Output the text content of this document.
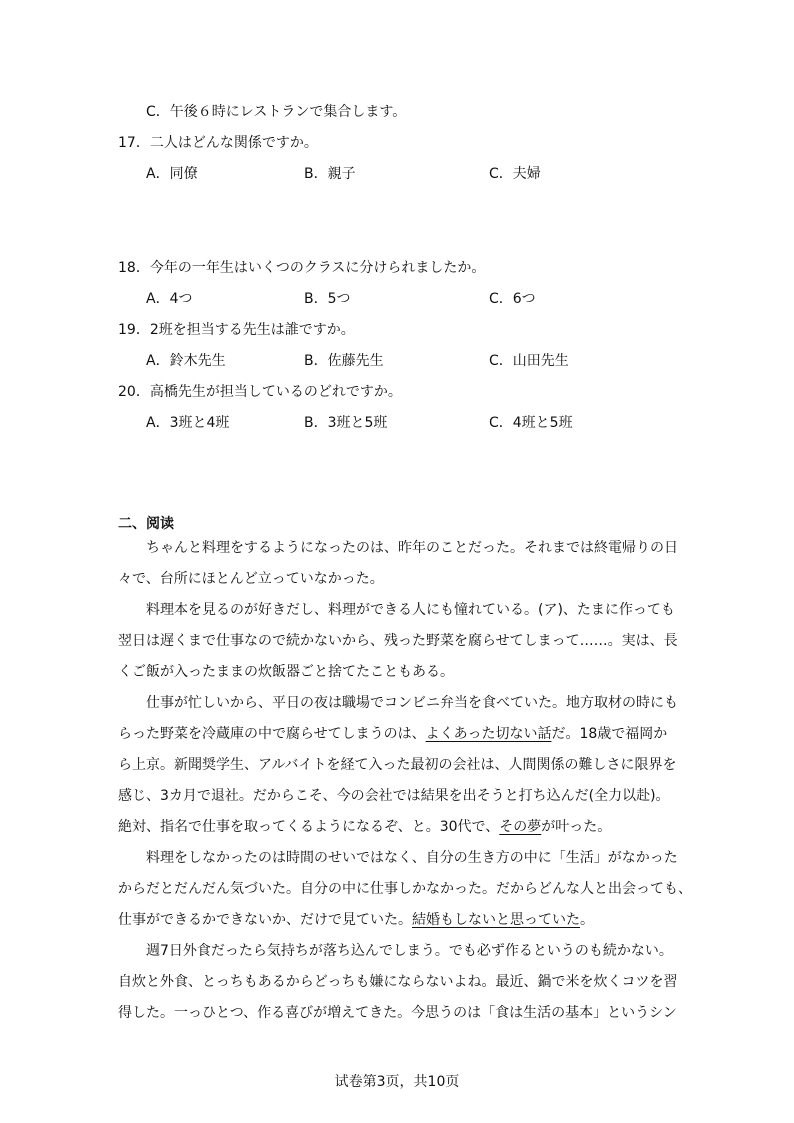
C．午後６時にレストランで集合します。
17．二人はどんな関係ですか。
A．同僚	B．親子	C．夫婦
18．今年の一年生はいくつのクラスに分けられましたか。
A．4つ	B．5つ	C．6つ
19．2班を担当する先生は誰ですか。
A．鈴木先生	B．佐藤先生	C．山田先生
20．高橋先生が担当しているのどれですか。
A．3班と4班	B．3班と5班	C．4班と5班
二、阅读
ちゃんと料理をするようになったのは、昨年のことだった。それまでは終電帰りの日
々で、台所にほとんど立っていなかった。
料理本を見るのが好きだし、料理ができる人にも憧れている。(ア)、たまに作っても
翌日は遅くまで仕事なので続かないから、残った野菜を腐らせてしまって……。実は、長
くご飯が入ったままの炊飯器ごと捨てたこともある。
仕事が忙しいから、平日の夜は職場でコンビニ弁当を食べていた。地方取材の時にも
らった野菜を冷蔵庫の中で腐らせてしまうのは、よくあった切ない話だ。18歳で福岡か
ら上京。新聞奨学生、アルバイトを経て入った最初の会社は、人間関係の難しさに限界を
感じ、3カ月で退社。だからこそ、今の会社では結果を出そうと打ち込んだ(全力以赴)。
絶対、指名で仕事を取ってくるようになるぞ、と。30代で、その夢が叶った。
料理をしなかったのは時間のせいではなく、自分の生き方の中に「生活」がなかった
からだとだんだん気づいた。自分の中に仕事しかなかった。だからどんな人と出会っても、
仕事ができるかできないか、だけで見ていた。結婚もしないと思っていた。
週7日外食だったら気持ちが落ち込んでしまう。でも必ず作るというのも続かない。
自炊と外食、とっちもあるからどっちも嫌にならないよね。最近、鍋で米を炊くコツを習
得した。一っひとつ、作る喜びが増えてきた。今思うのは「食は生活の基本」というシン
试卷第3页，共10页
